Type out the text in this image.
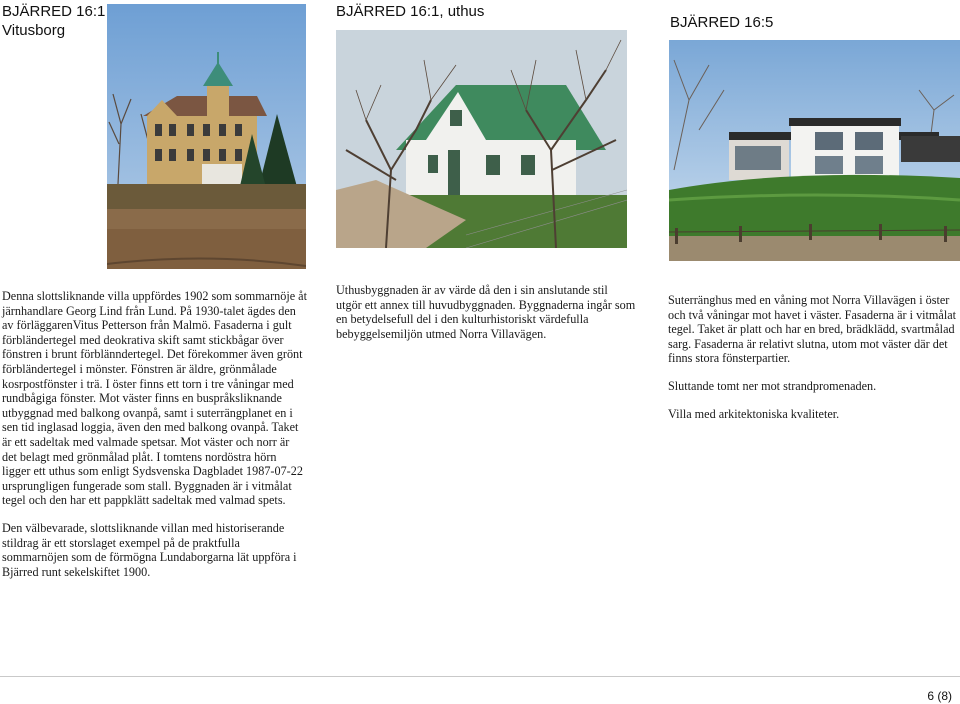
BJÄRRED 16:1
Vitusborg

Denna slottsliknande villa uppfördes 1902 som sommarnöje åt järnhandlare Georg Lind från Lund. På 1930-talet ägdes den av förläggarenVitus Petterson från Malmö. Fasaderna i gult förbländertegel med deokrativa skift samt stickbågar över fönstren i brunt förblänndertegel. Det förekommer även grönt förbländertegel i mönster. Fönstren är äldre, grönmålade kosrpostfönster i trä. I öster finns ett torn i tre våningar med rundbågiga fönster. Mot väster finns en buspråksliknande utbyggnad med balkong ovanpå, samt i suterrängplanet en i sen tid inglasad loggia, även den med balkong ovanpå. Taket är ett sadeltak med valmade spetsar. Mot väster och norr är det belagt med grönmålad plåt. I tomtens nordöstra hörn ligger ett uthus som enligt Sydsvenska Dagbladet 1987-07-22 ursprungligen fungerade som stall. Byggnaden är i vitmålat tegel och den har ett pappklätt sadeltak med valmad spets.

Den välbevarade, slottsliknande villan med historiserande stildrag är ett storslaget exempel på de praktfulla sommarnöjen som de förmögna Lundaborgarna lät uppföra i Bjärred runt sekelskiftet 1900.

BJÄRRED 16:1, uthus

Uthusbyggnaden är av värde då den i sin anslutande stil utgör ett annex till huvudbyggnaden. Byggnaderna ingår som en betydelsefull del i den kulturhistoriskt värdefulla bebyggelsemiljön utmed Norra Villavägen.

BJÄRRED 16:5

Suterränghus med en våning mot Norra Villavägen i öster och två våningar mot havet i väster. Fasaderna är i vitmålat tegel. Taket är platt och har en bred, brädklädd, svartmålad sarg. Fasaderna är relativt slutna, utom mot väster där det finns stora fönsterpartier.

Sluttande tomt ner mot strandpromenaden.

Villa med arkitektoniska kvaliteter.

6 (8)
